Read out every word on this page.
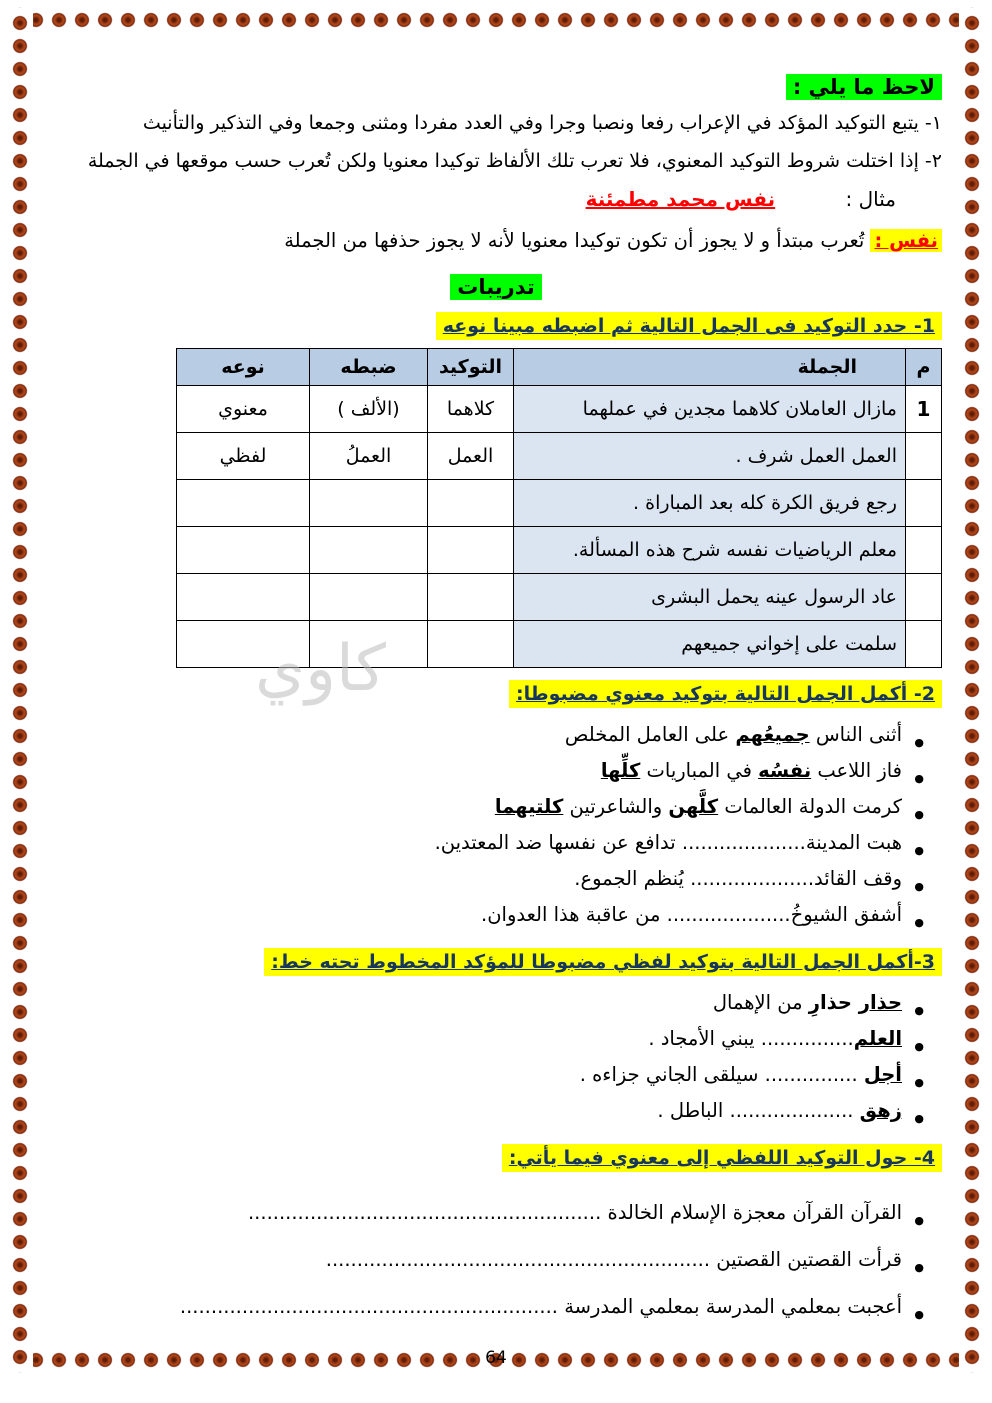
كاوي
لاحظ ما يلي :

١- يتبع التوكيد المؤكد في الإعراب رفعا ونصبا وجرا وفي العدد مفردا ومثنى وجمعا وفي التذكير والتأنيث

٢- إذا اختلت شروط التوكيد المعنوي، فلا تعرب تلك الألفاظ توكيدا معنويا ولكن تُعرب حسب موقعها في الجملة

مثال : نفس محمد مطمئنة
نفس : تُعرب مبتدأ و لا يجوز أن تكون توكيدا معنويا لأنه لا يجوز حذفها من الجملة
تدريبات
1- حدد التوكيد فى الجمل التالية ثم اضبطه مبينا نوعه
م	الجملة	التوكيد	ضبطه	نوعه
1	مازال العاملان كلاهما مجدين في عملهما	كلاهما	(الألف )	معنوي
	العمل العمل شرف .	العمل	العملُ	لفظي
	رجع فريق الكرة كله بعد المباراة .			
	معلم الرياضيات نفسه شرح هذه المسألة.			
	عاد الرسول عينه يحمل البشرى			
	سلمت على إخواني جميعهم			
2- أكمل الجمل التالية بتوكيد معنوي مضبوطا:
● أثنى الناس جميعُهم على العامل المخلص
● فاز اللاعب نفسُه في المباريات كلِّها
● كرمت الدولة العالمات كلَّهن والشاعرتين كلتيهما
● هبت المدينة.................... تدافع عن نفسها ضد المعتدين.
● وقف القائد.................... يُنظم الجموع.
● أشفق الشيوخُ.................... من عاقبة هذا العدوان.
3-أكمل الجمل التالية بتوكيد لفظي مضبوطا للمؤكد المخطوط تحته خط:
● حذار حذارِ من الإهمال
● العلم............... يبني الأمجاد .
● أجل ............... سيلقى الجاني جزاءه .
● زهق .................... الباطل .
4- حول التوكيد اللفظي إلى معنوي فيما يأتي:
● القرآن القرآن معجزة الإسلام الخالدة .........................................................
● قرأت القصتين القصتين ..............................................................
● أعجبت بمعلمي المدرسة بمعلمي المدرسة .............................................................
64
